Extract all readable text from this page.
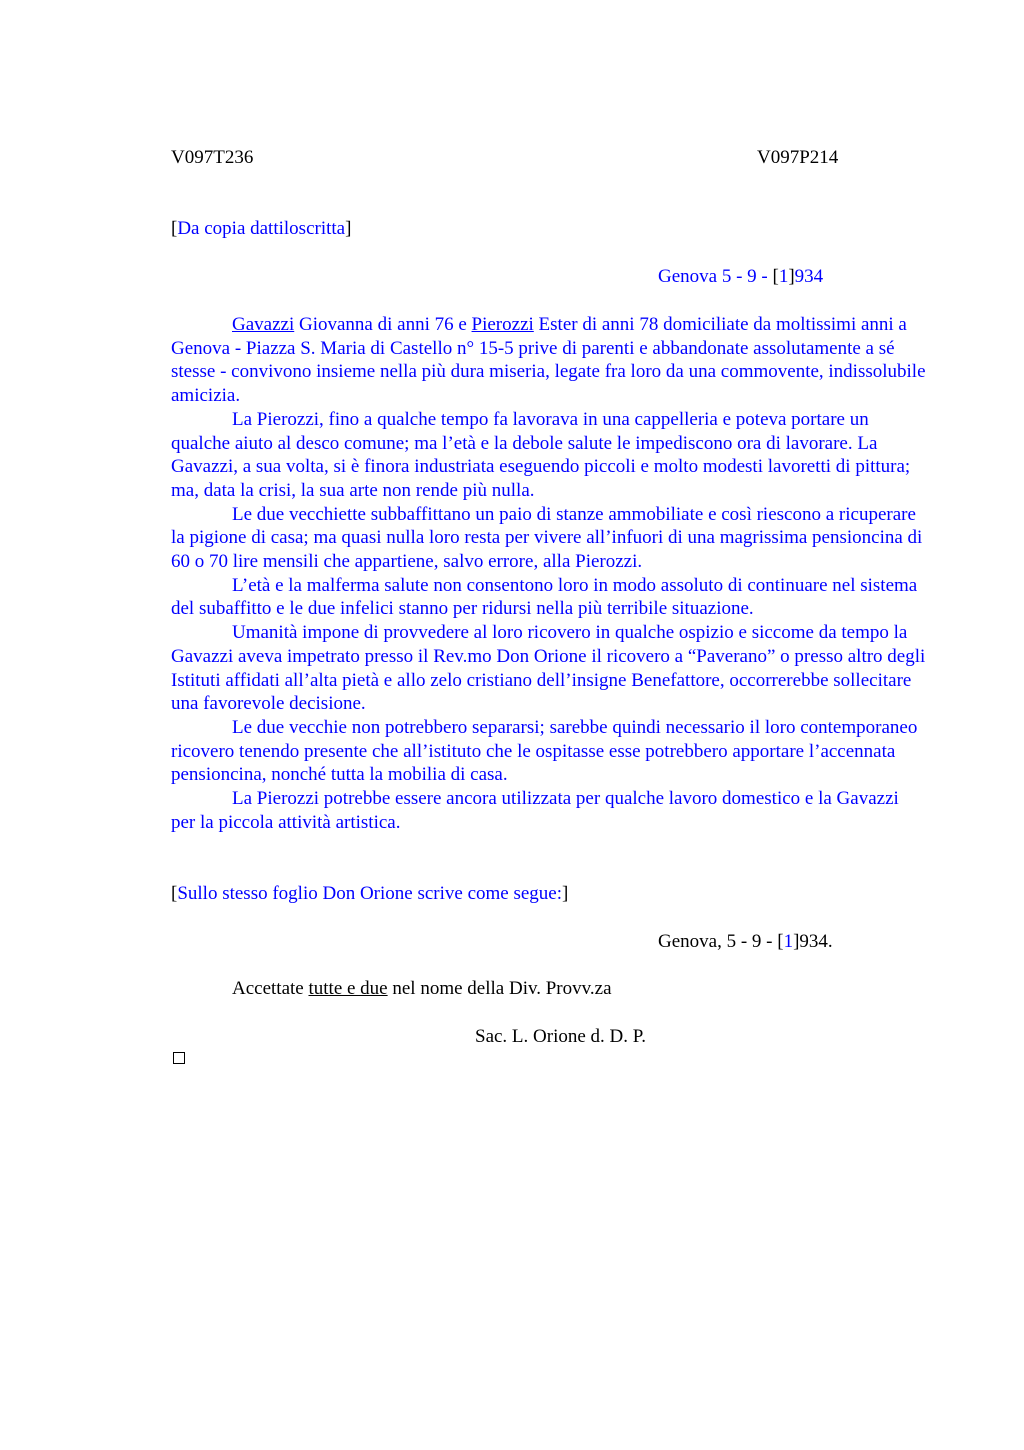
V097T236	V097P214
[Da copia dattiloscritta]
Genova 5 - 9 - [1]934

Gavazzi Giovanna di anni 76 e Pierozzi Ester di anni 78 domiciliate da moltissimi anni a Genova - Piazza S. Maria di Castello n° 15-5 prive di parenti e abbandonate assolutamente a sé stesse - convivono insieme nella più dura miseria, legate fra loro da una commovente, indissolubile amicizia.

La Pierozzi, fino a qualche tempo fa lavorava in una cappelleria e poteva portare un qualche aiuto al desco comune; ma l’età e la debole salute le impediscono ora di lavorare. La Gavazzi, a sua volta, si è finora industriata eseguendo piccoli e molto modesti lavoretti di pittura; ma, data la crisi, la sua arte non rende più nulla.

Le due vecchiette subbaffittano un paio di stanze ammobiliate e così riescono a ricuperare la pigione di casa; ma quasi nulla loro resta per vivere all’infuori di una magrissima pensioncina di 60 o 70 lire mensili che appartiene, salvo errore, alla Pierozzi.

L’età e la malferma salute non consentono loro in modo assoluto di continuare nel sistema del subaffitto e le due infelici stanno per ridursi nella più terribile situazione.

Umanità impone di provvedere al loro ricovero in qualche ospizio e siccome da tempo la Gavazzi aveva impetrato presso il Rev.mo Don Orione il ricovero a “Paverano” o presso altro degli Istituti affidati all’alta pietà e allo zelo cristiano dell’insigne Benefattore, occorrerebbe sollecitare una favorevole decisione.

Le due vecchie non potrebbero separarsi; sarebbe quindi necessario il loro contemporaneo ricovero tenendo presente che all’istituto che le ospitasse esse potrebbero apportare l’accennata pensioncina, nonché tutta la mobilia di casa.

La Pierozzi potrebbe essere ancora utilizzata per qualche lavoro domestico e la Gavazzi per la piccola attività artistica.

[Sullo stesso foglio Don Orione scrive come segue:]
Genova, 5 - 9 - [1]934.
Accettate tutte e due nel nome della Div. Provv.za
Sac. L. Orione d. D. P.
